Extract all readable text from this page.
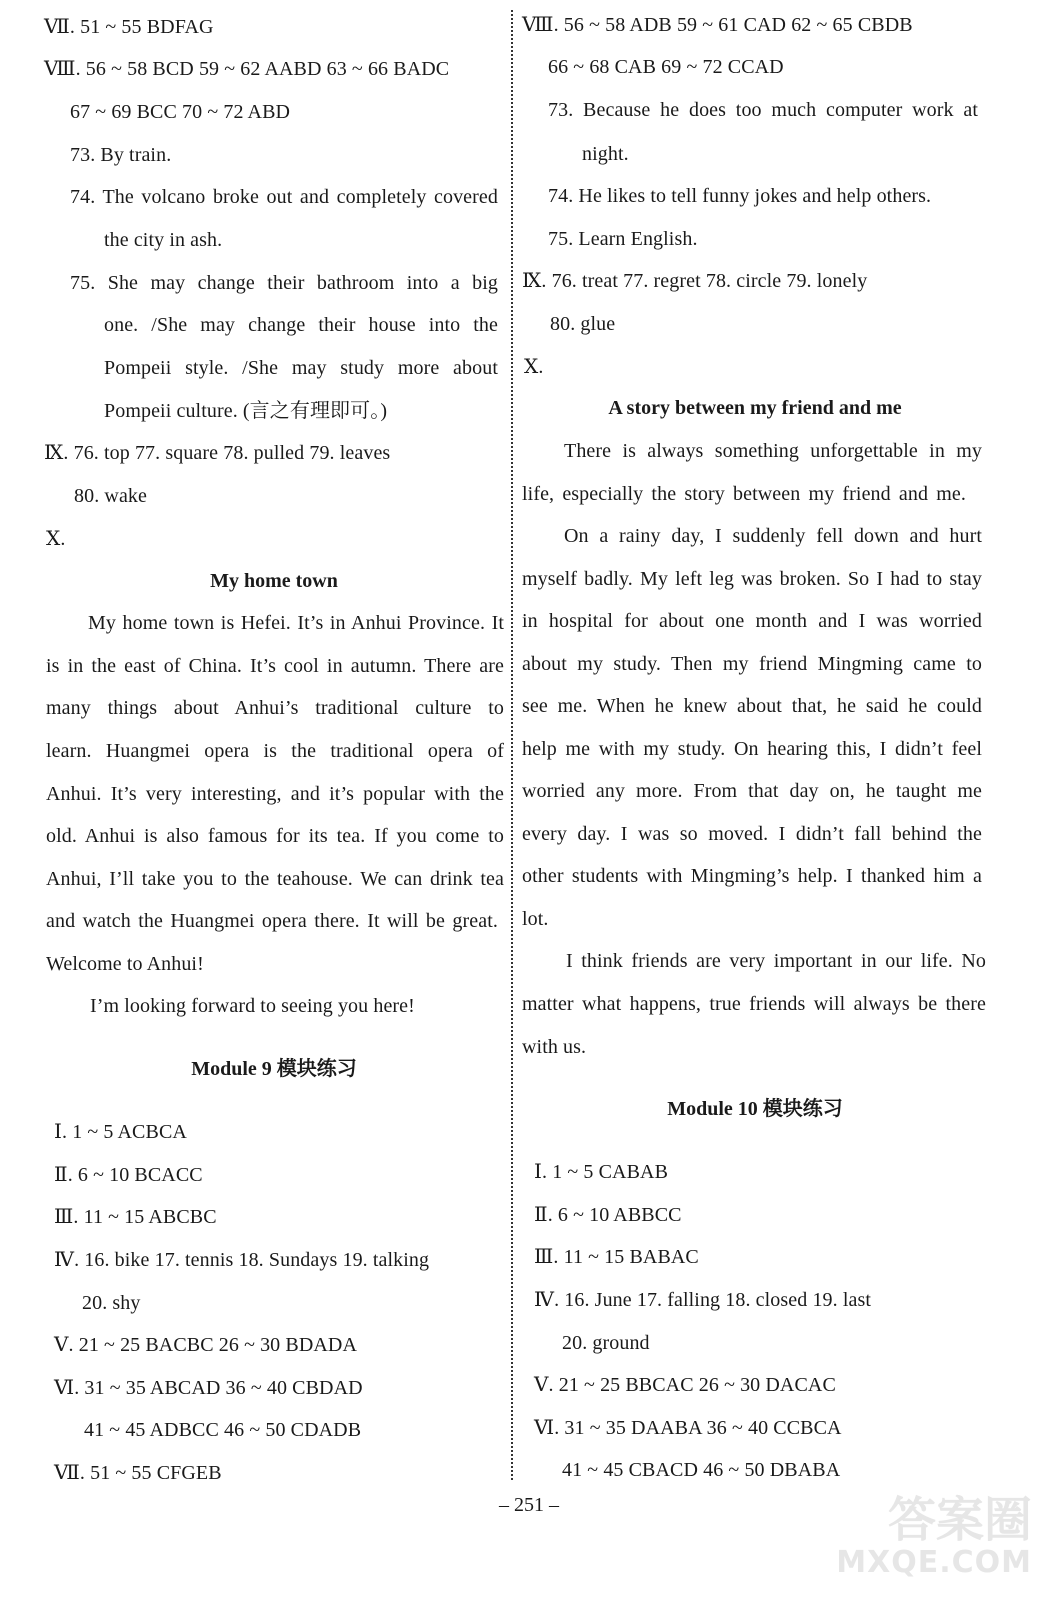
Ⅶ. 51 ~ 55 BDFAG
Ⅷ. 56 ~ 58 BCD 59 ~ 62 AABD 63 ~ 66 BADC
67 ~ 69 BCC 70 ~ 72 ABD
73. By train.
74. The volcano broke out and completely covered
the city in ash.
75. She may change their bathroom into a big
one. /She may change their house into the
Pompeii style. /She may study more about
Pompeii culture. (言之有理即可。)
Ⅸ. 76. top 77. square 78. pulled 79. leaves
80. wake
Ⅹ.
My home town
My home town is Hefei. It’s in Anhui Province. It
is in the east of China. It’s cool in autumn. There are
many things about Anhui’s traditional culture to
learn. Huangmei opera is the traditional opera of
Anhui. It’s very interesting, and it’s popular with the
old. Anhui is also famous for its tea. If you come to
Anhui, I’ll take you to the teahouse. We can drink tea
and watch the Huangmei opera there. It will be great.
Welcome to Anhui!
I’m looking forward to seeing you here!
Module 9 模块练习
Ⅰ. 1 ~ 5 ACBCA
Ⅱ. 6 ~ 10 BCACC
Ⅲ. 11 ~ 15 ABCBC
Ⅳ. 16. bike 17. tennis 18. Sundays 19. talking
20. shy
Ⅴ. 21 ~ 25 BACBC 26 ~ 30 BDADA
Ⅵ. 31 ~ 35 ABCAD 36 ~ 40 CBDAD
41 ~ 45 ADBCC 46 ~ 50 CDADB
Ⅶ. 51 ~ 55 CFGEB
Ⅷ. 56 ~ 58 ADB 59 ~ 61 CAD 62 ~ 65 CBDB
66 ~ 68 CAB 69 ~ 72 CCAD
73. Because he does too much computer work at
night.
74. He likes to tell funny jokes and help others.
75. Learn English.
Ⅸ. 76. treat 77. regret 78. circle 79. lonely
80. glue
Ⅹ.
A story between my friend and me
There is always something unforgettable in my
life, especially the story between my friend and me.
On a rainy day, I suddenly fell down and hurt
myself badly. My left leg was broken. So I had to stay
in hospital for about one month and I was worried
about my study. Then my friend Mingming came to
see me. When he knew about that, he said he could
help me with my study. On hearing this, I didn’t feel
worried any more. From that day on, he taught me
every day. I was so moved. I didn’t fall behind the
other students with Mingming’s help. I thanked him a
lot.
I think friends are very important in our life. No
matter what happens, true friends will always be there
with us.
Module 10 模块练习
Ⅰ. 1 ~ 5 CABAB
Ⅱ. 6 ~ 10 ABBCC
Ⅲ. 11 ~ 15 BABAC
Ⅳ. 16. June 17. falling 18. closed 19. last
20. ground
Ⅴ. 21 ~ 25 BBCAC 26 ~ 30 DACAC
Ⅵ. 31 ~ 35 DAABA 36 ~ 40 CCBCA
41 ~ 45 CBACD 46 ~ 50 DBABA
– 251 –	答案圈
MXQE.COM
